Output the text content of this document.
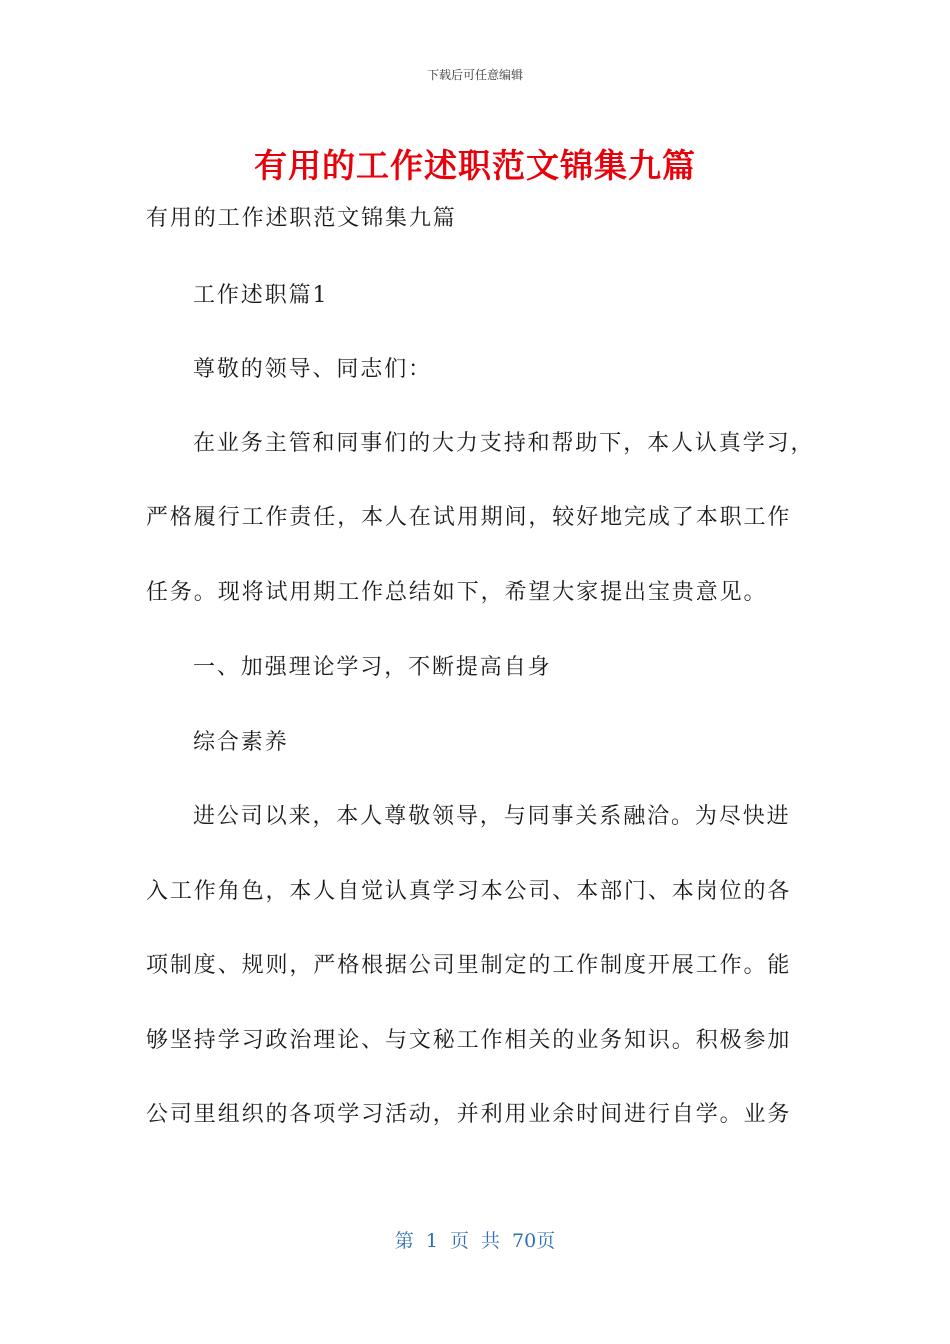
下载后可任意编辑
有用的工作述职范文锦集九篇
有用的工作述职范文锦集九篇
工作述职篇1
尊敬的领导、同志们：
在业务主管和同事们的大力支持和帮助下，本人认真学习，
严格履行工作责任，本人在试用期间，较好地完成了本职工作
任务。现将试用期工作总结如下，希望大家提出宝贵意见。
一、加强理论学习，不断提高自身
综合素养
进公司以来，本人尊敬领导，与同事关系融洽。为尽快进
入工作角色，本人自觉认真学习本公司、本部门、本岗位的各
项制度、规则，严格根据公司里制定的工作制度开展工作。能
够坚持学习政治理论、与文秘工作相关的业务知识。积极参加
公司里组织的各项学习活动，并利用业余时间进行自学。业务
第 1 页 共 70页
